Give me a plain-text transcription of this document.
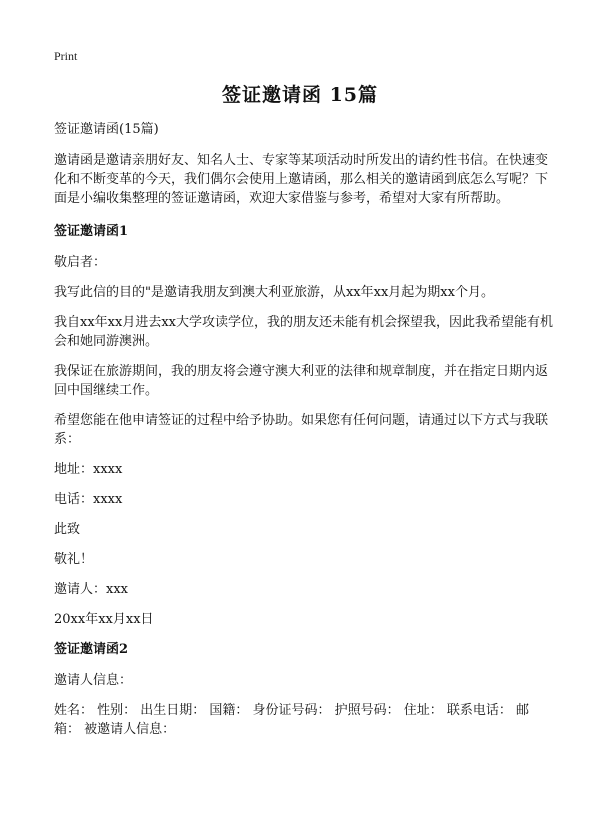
Print
签证邀请函 15篇

签证邀请函(15篇)

邀请函是邀请亲朋好友、知名人士、专家等某项活动时所发出的请约性书信。在快速变化和不断变革的今天，我们偶尔会使用上邀请函，那么相关的邀请函到底怎么写呢？下面是小编收集整理的签证邀请函，欢迎大家借鉴与参考，希望对大家有所帮助。

签证邀请函1

敬启者：

我写此信的目的"是邀请我朋友到澳大利亚旅游，从xx年xx月起为期xx个月。

我自xx年xx月进去xx大学攻读学位，我的朋友还未能有机会探望我，因此我希望能有机会和她同游澳洲。

我保证在旅游期间，我的朋友将会遵守澳大利亚的法律和规章制度，并在指定日期内返回中国继续工作。

希望您能在他申请签证的过程中给予协助。如果您有任何问题，请通过以下方式与我联系：

地址：xxxx

电话：xxxx

此致

敬礼！

邀请人：xxx

20xx年xx月xx日

签证邀请函2

邀请人信息：

姓名： 性别： 出生日期： 国籍： 身份证号码： 护照号码： 住址： 联系电话： 邮箱： 被邀请人信息：
